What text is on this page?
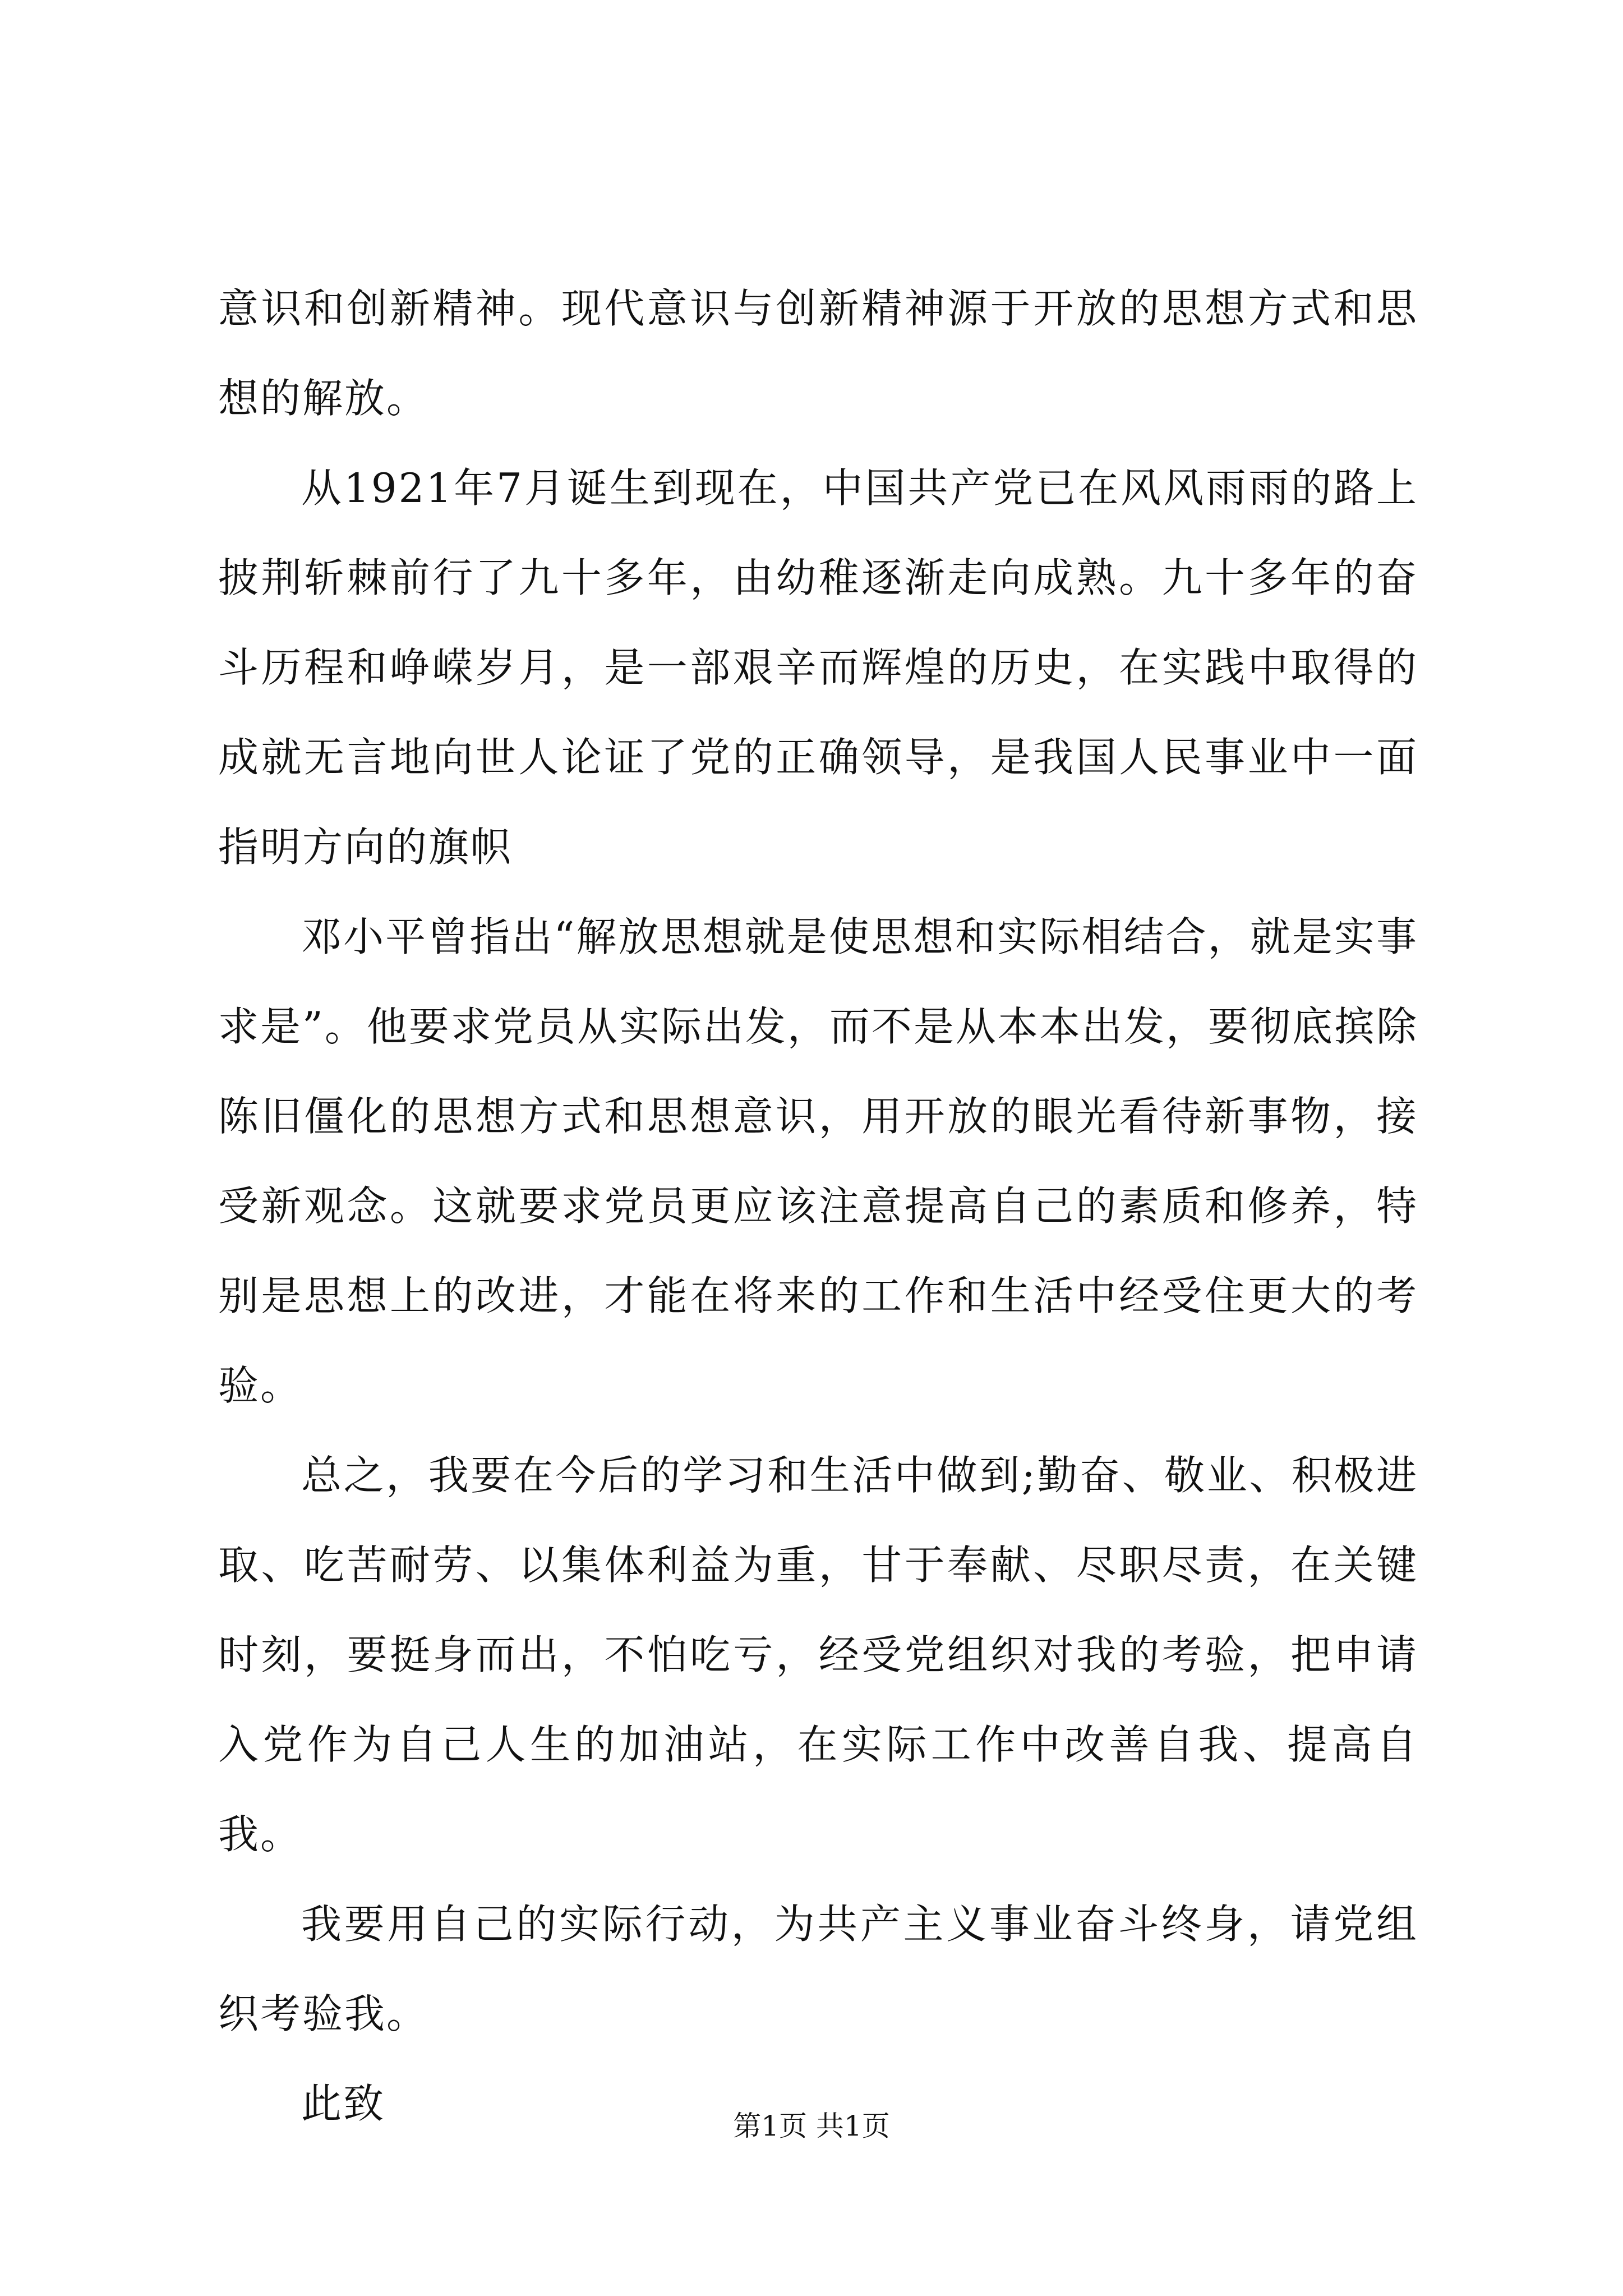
意识和创新精神。现代意识与创新精神源于开放的思想方式和思想的解放。

从1921年7月诞生到现在，中国共产党已在风风雨雨的路上披荆斩棘前行了九十多年，由幼稚逐渐走向成熟。九十多年的奋斗历程和峥嵘岁月，是一部艰辛而辉煌的历史，在实践中取得的成就无言地向世人论证了党的正确领导，是我国人民事业中一面指明方向的旗帜

邓小平曾指出“解放思想就是使思想和实际相结合，就是实事求是”。他要求党员从实际出发，而不是从本本出发，要彻底摈除陈旧僵化的思想方式和思想意识，用开放的眼光看待新事物，接受新观念。这就要求党员更应该注意提高自己的素质和修养，特别是思想上的改进，才能在将来的工作和生活中经受住更大的考验。

总之，我要在今后的学习和生活中做到;勤奋、敬业、积极进取、吃苦耐劳、以集体利益为重，甘于奉献、尽职尽责，在关键时刻，要挺身而出，不怕吃亏，经受党组织对我的考验，把申请入党作为自己人生的加油站，在实际工作中改善自我、提高自我。

我要用自己的实际行动，为共产主义事业奋斗终身，请党组织考验我。

此致	第1页 共1页
